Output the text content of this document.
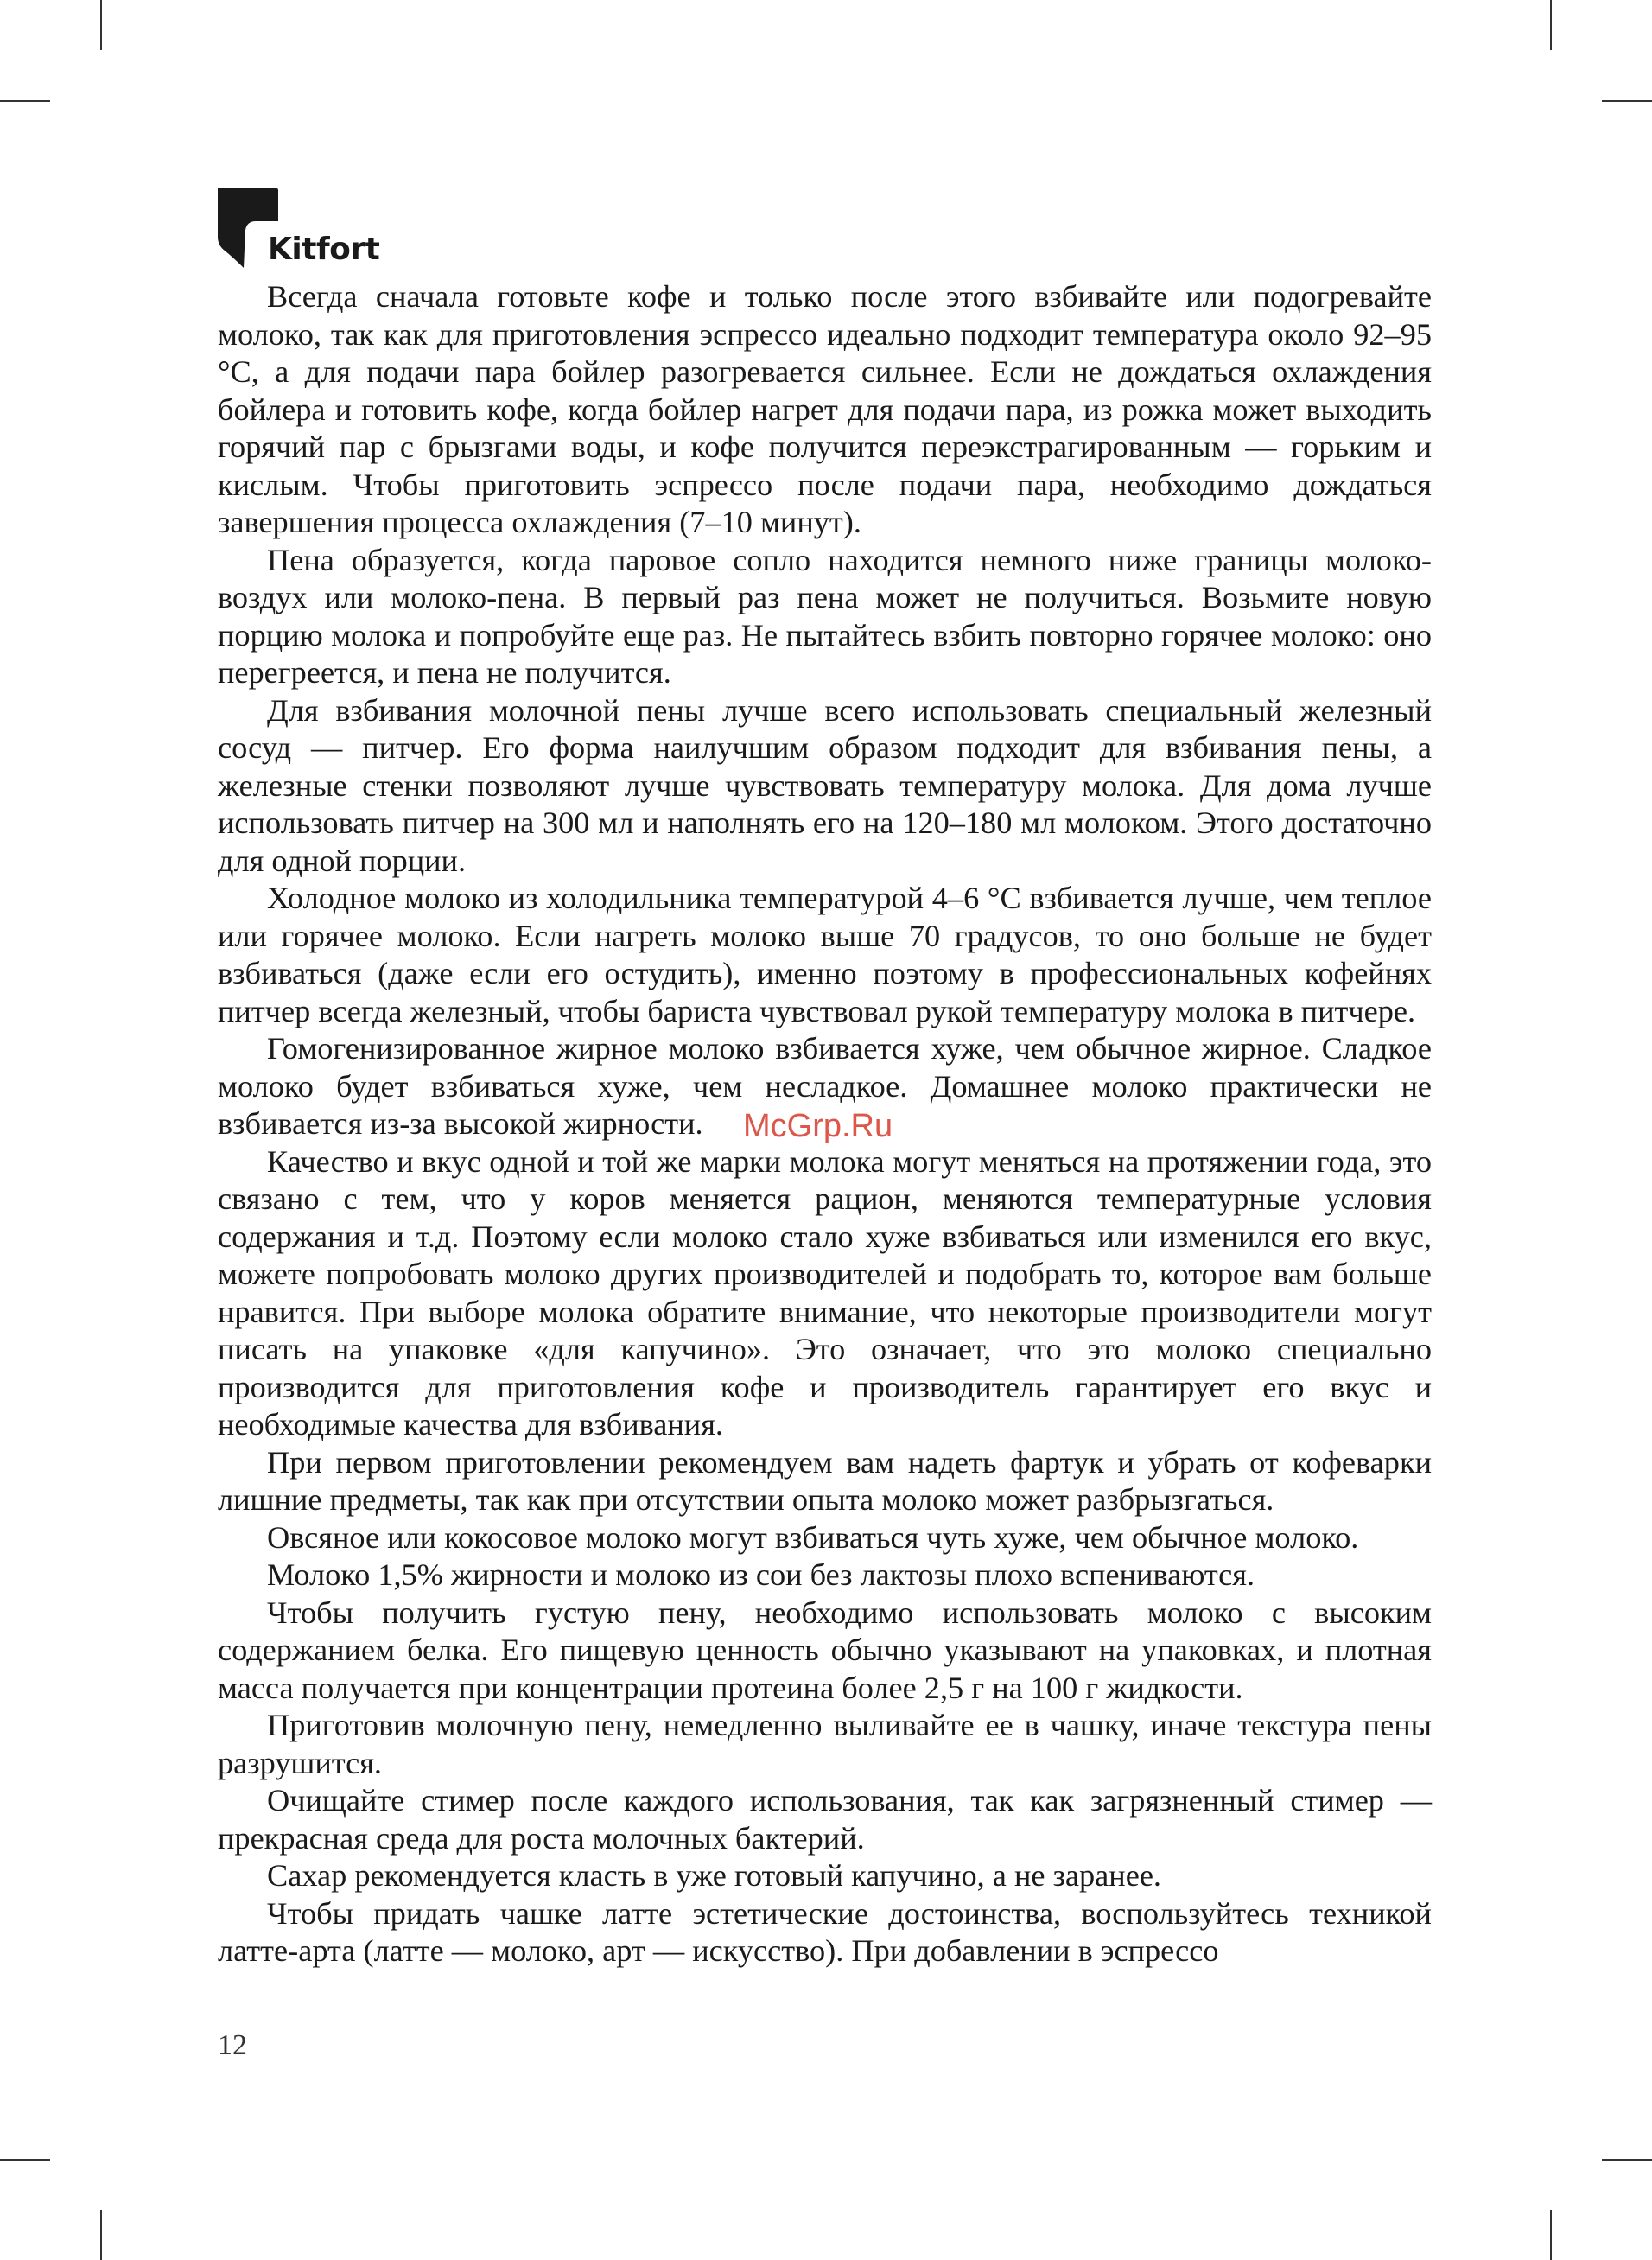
Kitfort

Всегда сначала готовьте кофе и только после этого взбивайте или подогревайте молоко, так как для приготовления эспрессо идеально подходит температура около 92–95 °С, а для подачи пара бойлер разогревается сильнее. Если не дождаться охлаждения бойлера и готовить кофе, когда бойлер нагрет для подачи пара, из рожка может выходить горячий пар с брызгами воды, и кофе получится переэкстрагированным — горьким и кислым. Чтобы приготовить эспрессо после подачи пара, необходимо дождаться завершения процесса охлаждения (7–10 минут).

Пена образуется, когда паровое сопло находится немного ниже границы молоко-воздух или молоко-пена. В первый раз пена может не получиться. Возьмите новую порцию молока и попробуйте еще раз. Не пытайтесь взбить повторно горячее молоко: оно перегреется, и пена не получится.

Для взбивания молочной пены лучше всего использовать специальный железный сосуд — питчер. Его форма наилучшим образом подходит для взбивания пены, а железные стенки позволяют лучше чувствовать температуру молока. Для дома лучше использовать питчер на 300 мл и наполнять его на 120–180 мл молоком. Этого достаточно для одной порции.

Холодное молоко из холодильника температурой 4–6 °С взбивается лучше, чем теплое или горячее молоко. Если нагреть молоко выше 70 градусов, то оно больше не будет взбиваться (даже если его остудить), именно поэтому в профессиональных кофейнях питчер всегда железный, чтобы бариста чувствовал рукой температуру молока в питчере.

Гомогенизированное жирное молоко взбивается хуже, чем обычное жирное. Сладкое молоко будет взбиваться хуже, чем несладкое. Домашнее молоко практически не взбивается из-за высокой жирности.

Качество и вкус одной и той же марки молока могут меняться на протяжении года, это связано с тем, что у коров меняется рацион, меняются температурные условия содержания и т.д. Поэтому если молоко стало хуже взбиваться или изменился его вкус, можете попробовать молоко других производителей и подобрать то, которое вам больше нравится. При выборе молока обратите внимание, что некоторые производители могут писать на упаковке «для капучино». Это означает, что это молоко специально производится для приготовления кофе и производитель гарантирует его вкус и необходимые качества для взбивания.

При первом приготовлении рекомендуем вам надеть фартук и убрать от кофеварки лишние предметы, так как при отсутствии опыта молоко может разбрызгаться.

Овсяное или кокосовое молоко могут взбиваться чуть хуже, чем обычное молоко.

Молоко 1,5% жирности и молоко из сои без лактозы плохо вспениваются.

Чтобы получить густую пену, необходимо использовать молоко с высоким содержанием белка. Его пищевую ценность обычно указывают на упаковках, и плотная масса получается при концентрации протеина более 2,5 г на 100 г жидкости.

Приготовив молочную пену, немедленно выливайте ее в чашку, иначе текстура пены разрушится.

Очищайте стимер после каждого использования, так как загрязненный стимер — прекрасная среда для роста молочных бактерий.

Сахар рекомендуется класть в уже готовый капучино, а не заранее.

Чтобы придать чашке латте эстетические достоинства, воспользуйтесь техникой латте-арта (латте — молоко, арт — искусство). При добавлении в эспрессо

McGrp.Ru
12
